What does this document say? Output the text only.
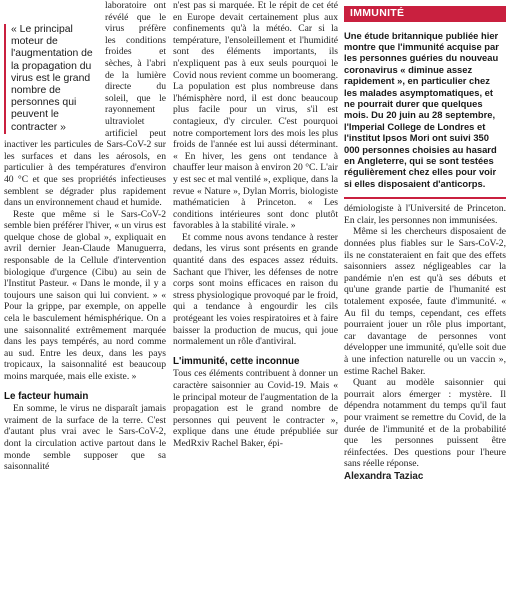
« Le principal moteur de l'augmentation de la propagation du virus est le grand nombre de personnes qui peuvent le contracter »

laboratoire ont révélé que le virus préfère les conditions froides et sèches, à l'abri de la lumière directe du soleil, que le rayonnement ultraviolet artificiel peut inactiver les particules de Sars-CoV-2 sur les surfaces et dans les aérosols, en particulier à des températures d'environ 40 °C et que ses propriétés infectieuses semblent se dégrader plus rapidement dans un environnement chaud et humide.

Reste que même si le Sars-CoV-2 semble bien préférer l'hiver, « un virus est quelque chose de global », expliquait en avril dernier Jean-Claude Manuguerra, responsable de la Cellule d'intervention biologique d'urgence (Cibu) au sein de l'Institut Pasteur. « Dans le monde, il y a toujours une saison qui lui convient. » « Pour la grippe, par exemple, on appelle cela le basculement hémisphérique. On a une saisonnalité extrêmement marquée dans les pays tempérés, au nord comme au sud. Entre les deux, dans les pays tropicaux, la saisonnalité est beaucoup moins marquée, mais elle existe. »

Le facteur humain

En somme, le virus ne disparaît jamais vraiment de la surface de la terre. C'est d'autant plus vrai avec le Sars-CoV-2, dont la circulation active partout dans le monde semble supposer que sa saisonnalité

n'est pas si marquée. Et le répit de cet été en Europe devait certainement plus aux confinements qu'à la météo. Car si la température, l'ensoleillement et l'humidité sont des éléments importants, ils n'expliquent pas à eux seuls pourquoi le Covid nous revient comme un boomerang. La population est plus nombreuse dans l'hémisphère nord, il est donc beaucoup plus facile pour un virus, s'il est contagieux, d'y circuler. C'est pourquoi notre comportement lors des mois les plus froids de l'année est lui aussi déterminant. « En hiver, les gens ont tendance à chauffer leur maison à environ 20 °C. L'air y est sec et mal ventilé », explique, dans la revue « Nature », Dylan Morris, biologiste mathématicien à Princeton. « Les conditions intérieures sont donc plutôt favorables à la stabilité virale. »

Et comme nous avons tendance à rester dedans, les virus sont présents en grande quantité dans des espaces assez réduits. Sachant que l'hiver, les défenses de notre corps sont moins efficaces en raison du stress physiologique provoqué par le froid, qui a tendance à engourdir les cils protégeant les voies respiratoires et à faire baisser la production de mucus, qui joue normalement un rôle d'antiviral.

L'immunité, cette inconnue

Tous ces éléments contribuent à donner un caractère saisonnier au Covid-19. Mais « le principal moteur de l'augmentation de la propagation est le grand nombre de personnes qui peuvent le contracter », explique dans une étude prépubliée sur MedRxiv Rachel Baker, épi-

IMMUNITÉ
Une étude britannique publiée hier montre que l'immunité acquise par les personnes guéries du nouveau coronavirus « diminue assez rapidement », en particulier chez les malades asymptomatiques, et ne pourrait durer que quelques mois. Du 20 juin au 28 septembre, l'Imperial College de Londres et l'institut Ipsos Mori ont suivi 350 000 personnes choisies au hasard en Angleterre, qui se sont testées régulièrement chez elles pour voir si elles disposaient d'anticorps.

démiologiste à l'Université de Princeton. En clair, les personnes non immunisées.

Même si les chercheurs disposaient de données plus fiables sur le Sars-CoV-2, ils ne constateraient en fait que des effets saisonniers assez négligeables car la pandémie n'en est qu'à ses débuts et qu'une grande partie de l'humanité est totalement exposée, faute d'immunité. « Au fil du temps, cependant, ces effets pourraient jouer un rôle plus important, car davantage de personnes vont développer une immunité, qu'elle soit due à une infection naturelle ou un vaccin », estime Rachel Baker.

Quant au modèle saisonnier qui pourrait alors émerger : mystère. Il dépendra notamment du temps qu'il faut pour vraiment se remettre du Covid, de la durée de l'immunité et de la probabilité que les personnes puissent être réinfectées. Des questions pour l'heure sans réelle réponse.

Alexandra Taziac
